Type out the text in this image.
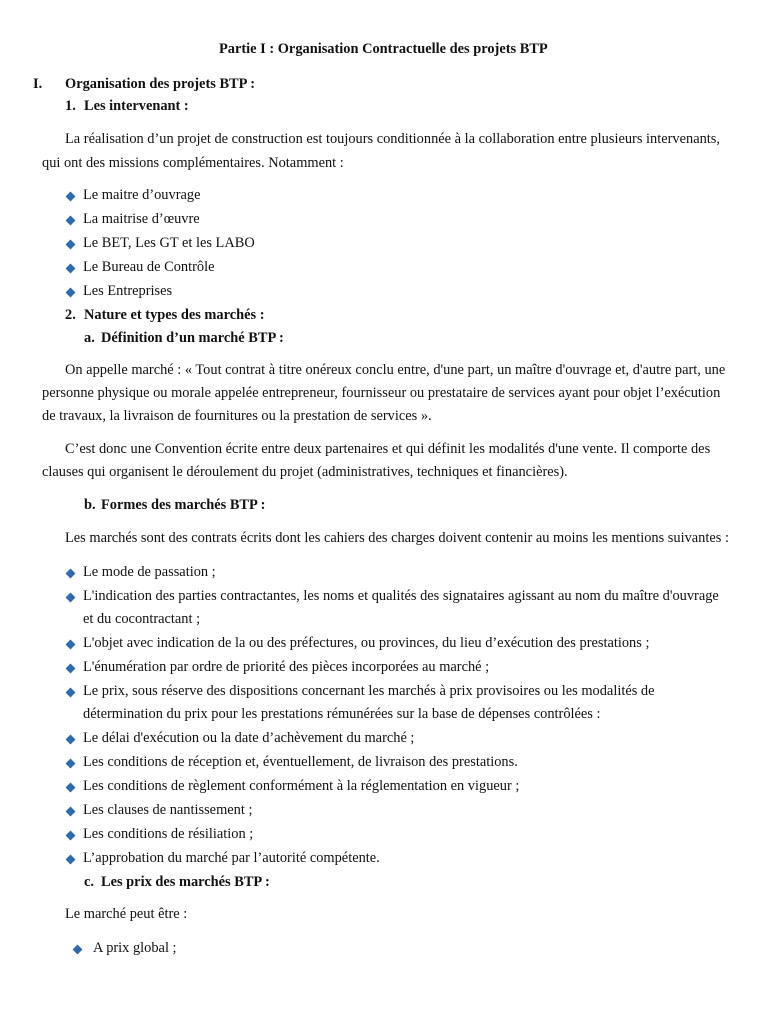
Partie I : Organisation Contractuelle des projets BTP
I. Organisation des projets BTP :
1. Les intervenant :
La réalisation d’un projet de construction est toujours conditionnée à la collaboration entre plusieurs intervenants,
qui ont des missions complémentaires. Notamment :
Le maitre d’ouvrage
La maitrise d’œuvre
Le BET, Les GT et les LABO
Le Bureau de Contrôle
Les Entreprises
2. Nature et types des marchés :
a. Définition d’un marché BTP :
On appelle marché : « Tout contrat à titre onéreux conclu entre, d'une part, un maître d'ouvrage et, d'autre part, une
personne physique ou morale appelée entrepreneur, fournisseur ou prestataire de services ayant pour objet l’exécution
de travaux, la livraison de fournitures ou la prestation de services ».
C’est donc une Convention écrite entre deux partenaires et qui définit les modalités d'une vente. Il comporte des
clauses qui organisent le déroulement du projet (administratives, techniques et financières).
b. Formes des marchés BTP :
Les marchés sont des contrats écrits dont les cahiers des charges doivent contenir au moins les mentions suivantes :
Le mode de passation ;
L'indication des parties contractantes, les noms et qualités des signataires agissant au nom du maître d'ouvrage
et du cocontractant ;
L'objet avec indication de la ou des préfectures, ou provinces, du lieu d’exécution des prestations ;
L'énumération par ordre de priorité des pièces incorporées au marché ;
Le prix, sous réserve des dispositions concernant les marchés à prix provisoires ou les modalités de
détermination du prix pour les prestations rémunérées sur la base de dépenses contrôlées :
Le délai d'exécution ou la date d’achèvement du marché ;
Les conditions de réception et, éventuellement, de livraison des prestations.
Les conditions de règlement conformément à la réglementation en vigueur ;
Les clauses de nantissement ;
Les conditions de résiliation ;
L’approbation du marché par l’autorité compétente.
c. Les prix des marchés BTP :
Le marché peut être :
A prix global ;
